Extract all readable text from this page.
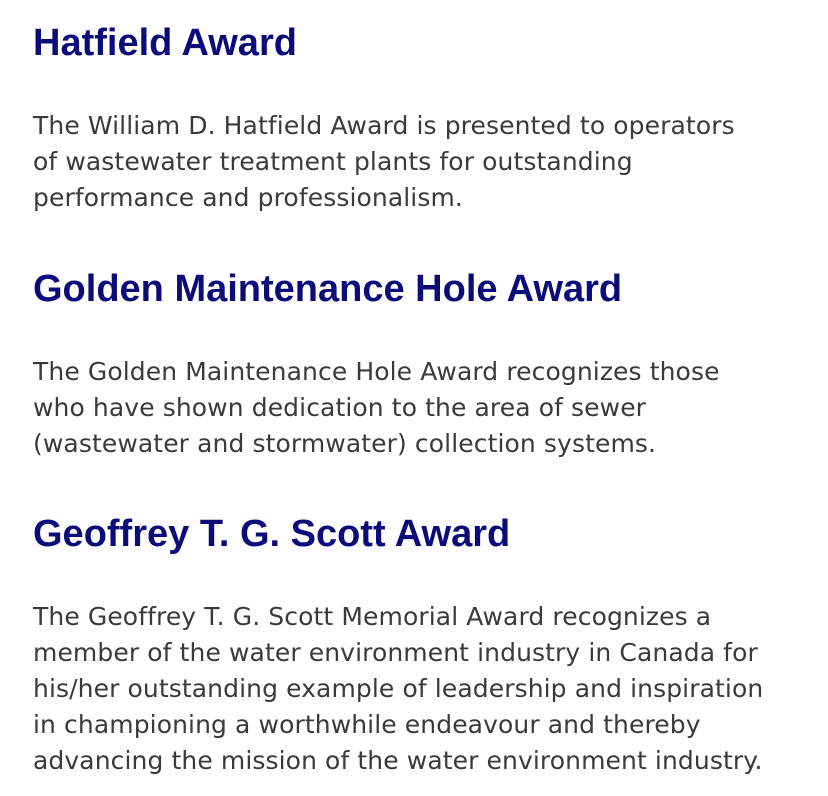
Hatfield Award

The William D. Hatfield Award is presented to operators
of wastewater treatment plants for outstanding
performance and professionalism.

Golden Maintenance Hole Award

The Golden Maintenance Hole Award recognizes those
who have shown dedication to the area of sewer
(wastewater and stormwater) collection systems.

Geoffrey T. G. Scott Award

The Geoffrey T. G. Scott Memorial Award recognizes a
member of the water environment industry in Canada for
his/her outstanding example of leadership and inspiration
in championing a worthwhile endeavour and thereby
advancing the mission of the water environment industry.
